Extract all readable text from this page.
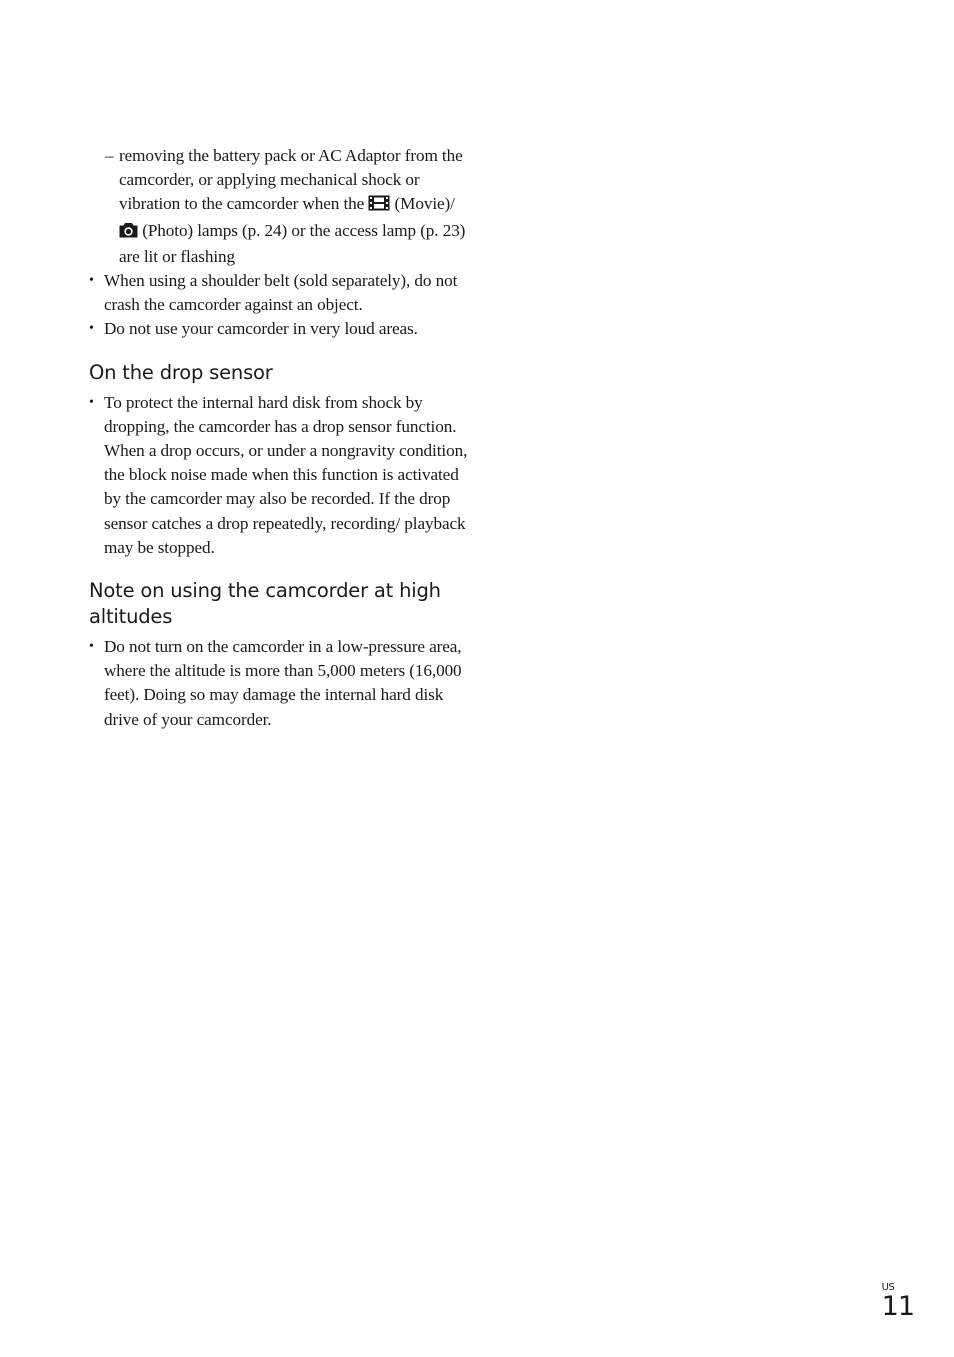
– removing the battery pack or AC Adaptor from the camcorder, or applying mechanical shock or vibration to the camcorder when the  (Movie)/ (Photo) lamps (p. 24) or the access lamp (p. 23) are lit or flashing

• When using a shoulder belt (sold separately), do not crash the camcorder against an object.

• Do not use your camcorder in very loud areas.

On the drop sensor

• To protect the internal hard disk from shock by dropping, the camcorder has a drop sensor function. When a drop occurs, or under a nongravity condition, the block noise made when this function is activated by the camcorder may also be recorded. If the drop sensor catches a drop repeatedly, recording/ playback may be stopped.

Note on using the camcorder at high altitudes

• Do not turn on the camcorder in a low-pressure area, where the altitude is more than 5,000 meters (16,000 feet). Doing so may damage the internal hard disk drive of your camcorder.

US
11
